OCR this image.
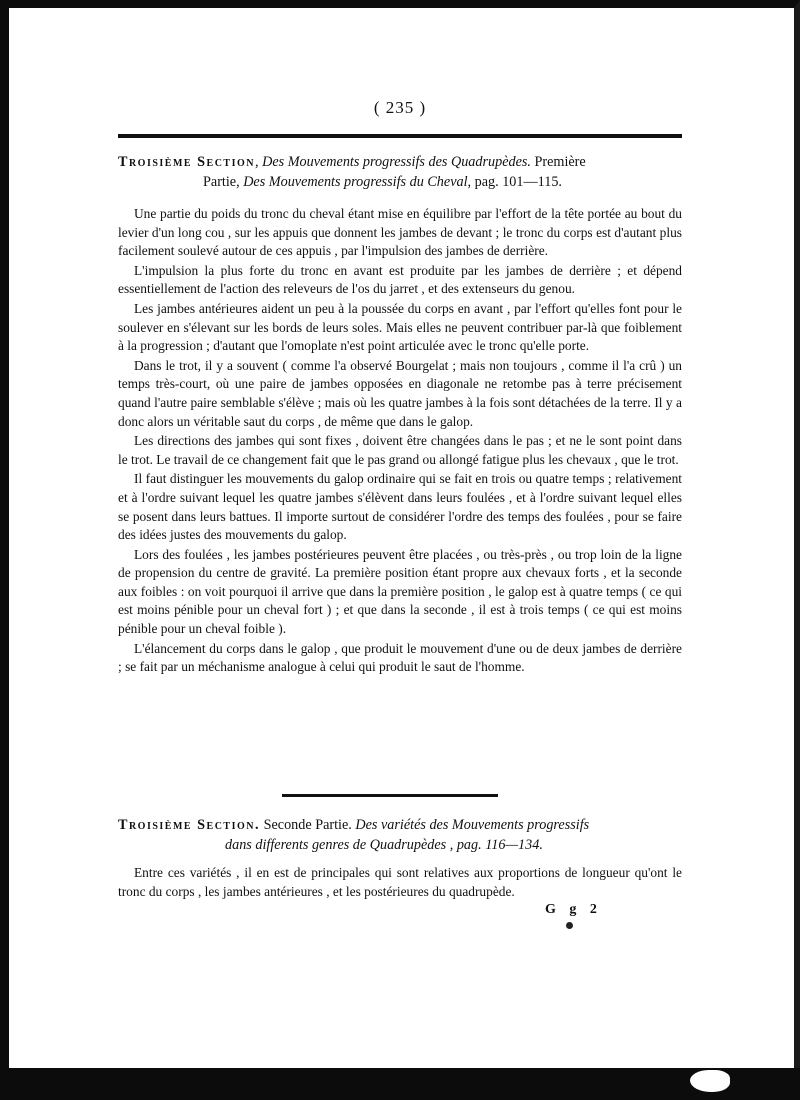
( 235 )
Troisième Section, Des Mouvements progressifs des Quadrupèdes. Première
Partie, Des Mouvements progressifs du Cheval, pag. 101—115.

Une partie du poids du tronc du cheval étant mise en équilibre par l'effort de la tête portée au bout du levier d'un long cou , sur les appuis que donnent les jambes de devant ; le tronc du corps est d'autant plus facilement soulevé autour de ces appuis , par l'impulsion des jambes de derrière.

L'impulsion la plus forte du tronc en avant est produite par les jambes de derrière ; et dépend essentiellement de l'action des releveurs de l'os du jarret , et des extenseurs du genou.

Les jambes antérieures aident un peu à la poussée du corps en avant , par l'effort qu'elles font pour le soulever en s'élevant sur les bords de leurs soles. Mais elles ne peuvent contribuer par-là que foiblement à la progression ; d'autant que l'omoplate n'est point articulée avec le tronc qu'elle porte.

Dans le trot, il y a souvent ( comme l'a observé Bourgelat ; mais non toujours , comme il l'a crû ) un temps très-court, où une paire de jambes opposées en diagonale ne retombe pas à terre précisement quand l'autre paire semblable s'élève ; mais où les quatre jambes à la fois sont détachées de la terre. Il y a donc alors un véritable saut du corps , de même que dans le galop.

Les directions des jambes qui sont fixes , doivent être changées dans le pas ; et ne le sont point dans le trot. Le travail de ce changement fait que le pas grand ou allongé fatigue plus les chevaux , que le trot.

Il faut distinguer les mouvements du galop ordinaire qui se fait en trois ou quatre temps ; relativement et à l'ordre suivant lequel les quatre jambes s'élèvent dans leurs foulées , et à l'ordre suivant lequel elles se posent dans leurs battues. Il importe surtout de considérer l'ordre des temps des foulées , pour se faire des idées justes des mouvements du galop.

Lors des foulées , les jambes postérieures peuvent être placées , ou très-près , ou trop loin de la ligne de propension du centre de gravité. La première position étant propre aux chevaux forts , et la seconde aux foibles : on voit pourquoi il arrive que dans la première position , le galop est à quatre temps ( ce qui est moins pénible pour un cheval fort ) ; et que dans la seconde , il est à trois temps ( ce qui est moins pénible pour un cheval foible ).

L'élancement du corps dans le galop , que produit le mouvement d'une ou de deux jambes de derrière ; se fait par un méchanisme analogue à celui qui produit le saut de l'homme.

Troisième Section. Seconde Partie. Des variétés des Mouvements progressifs
dans differents genres de Quadrupèdes , pag. 116—134.

Entre ces variétés , il en est de principales qui sont relatives aux proportions de longueur qu'ont le tronc du corps , les jambes antérieures , et les postérieures du quadrupède.

G g 2
